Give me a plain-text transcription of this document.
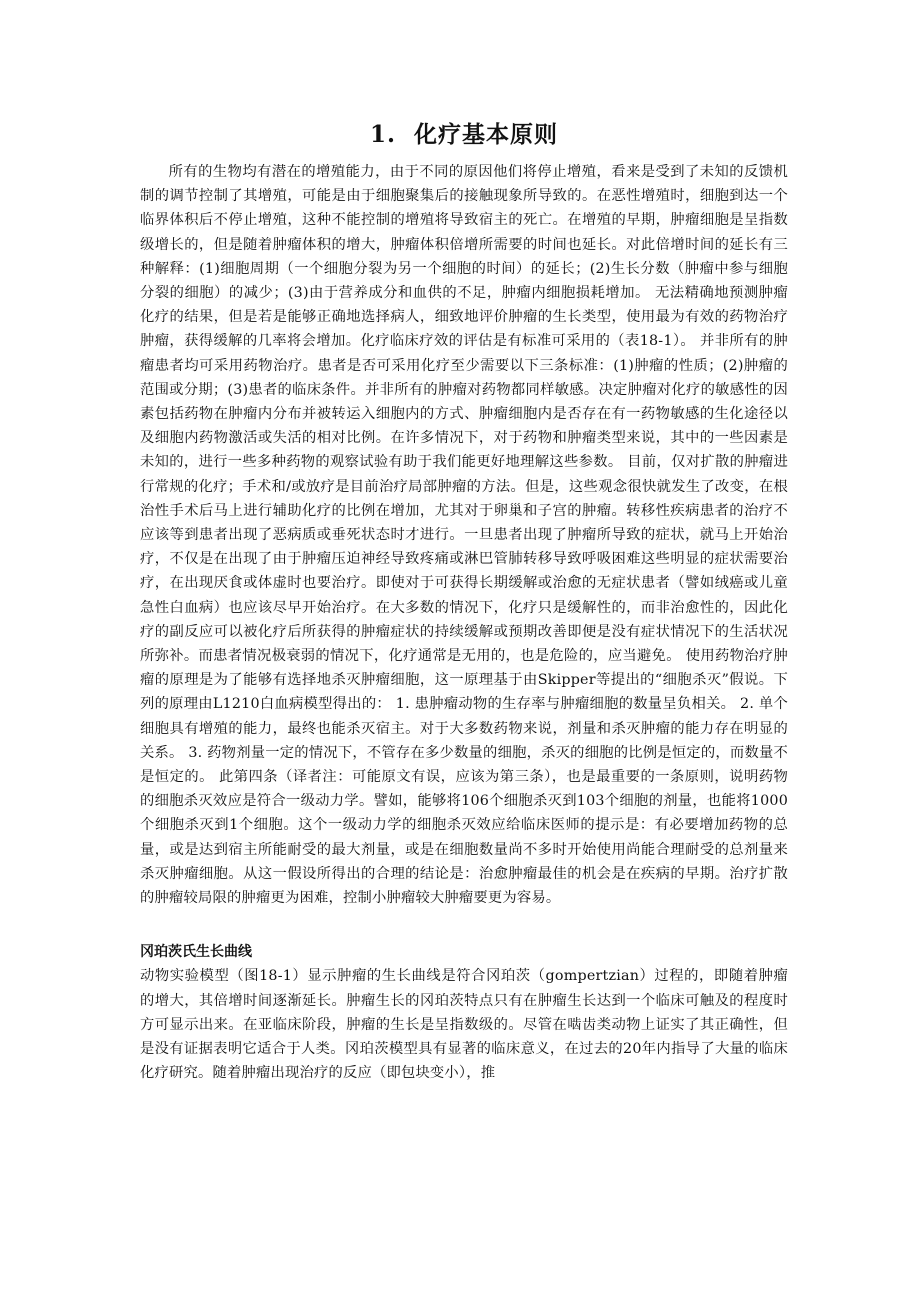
1. 化疗基本原则

所有的生物均有潜在的增殖能力，由于不同的原因他们将停止增殖，看来是受到了未知的反馈机制的调节控制了其增殖，可能是由于细胞聚集后的接触现象所导致的。在恶性增殖时，细胞到达一个临界体积后不停止增殖，这种不能控制的增殖将导致宿主的死亡。在增殖的早期，肿瘤细胞是呈指数级增长的，但是随着肿瘤体积的增大，肿瘤体积倍增所需要的时间也延长。对此倍增时间的延长有三种解释：(1)细胞周期（一个细胞分裂为另一个细胞的时间）的延长；(2)生长分数（肿瘤中参与细胞分裂的细胞）的减少；(3)由于营养成分和血供的不足，肿瘤内细胞损耗增加。 无法精确地预测肿瘤化疗的结果，但是若是能够正确地选择病人，细致地评价肿瘤的生长类型，使用最为有效的药物治疗肿瘤，获得缓解的几率将会增加。化疗临床疗效的评估是有标准可采用的（表18-1）。 并非所有的肿瘤患者均可采用药物治疗。患者是否可采用化疗至少需要以下三条标准：(1)肿瘤的性质；(2)肿瘤的范围或分期；(3)患者的临床条件。并非所有的肿瘤对药物都同样敏感。决定肿瘤对化疗的敏感性的因素包括药物在肿瘤内分布并被转运入细胞内的方式、肿瘤细胞内是否存在有一药物敏感的生化途径以及细胞内药物激活或失活的相对比例。在许多情况下，对于药物和肿瘤类型来说，其中的一些因素是未知的，进行一些多种药物的观察试验有助于我们能更好地理解这些参数。 目前，仅对扩散的肿瘤进行常规的化疗；手术和/或放疗是目前治疗局部肿瘤的方法。但是，这些观念很快就发生了改变，在根治性手术后马上进行辅助化疗的比例在增加，尤其对于卵巢和子宫的肿瘤。转移性疾病患者的治疗不应该等到患者出现了恶病质或垂死状态时才进行。一旦患者出现了肿瘤所导致的症状，就马上开始治疗，不仅是在出现了由于肿瘤压迫神经导致疼痛或淋巴管肺转移导致呼吸困难这些明显的症状需要治疗，在出现厌食或体虚时也要治疗。即使对于可获得长期缓解或治愈的无症状患者（譬如绒癌或儿童急性白血病）也应该尽早开始治疗。在大多数的情况下，化疗只是缓解性的，而非治愈性的，因此化疗的副反应可以被化疗后所获得的肿瘤症状的持续缓解或预期改善即便是没有症状情况下的生活状况所弥补。而患者情况极衰弱的情况下，化疗通常是无用的，也是危险的，应当避免。 使用药物治疗肿瘤的原理是为了能够有选择地杀灭肿瘤细胞，这一原理基于由Skipper等提出的“细胞杀灭”假说。下列的原理由L1210白血病模型得出的： 1. 患肿瘤动物的生存率与肿瘤细胞的数量呈负相关。 2. 单个细胞具有增殖的能力，最终也能杀灭宿主。对于大多数药物来说，剂量和杀灭肿瘤的能力存在明显的关系。 3. 药物剂量一定的情况下，不管存在多少数量的细胞，杀灭的细胞的比例是恒定的，而数量不是恒定的。 此第四条（译者注：可能原文有误，应该为第三条），也是最重要的一条原则，说明药物的细胞杀灭效应是符合一级动力学。譬如，能够将106个细胞杀灭到103个细胞的剂量，也能将1000个细胞杀灭到1个细胞。这个一级动力学的细胞杀灭效应给临床医师的提示是：有必要增加药物的总量，或是达到宿主所能耐受的最大剂量，或是在细胞数量尚不多时开始使用尚能合理耐受的总剂量来杀灭肿瘤细胞。从这一假设所得出的合理的结论是：治愈肿瘤最佳的机会是在疾病的早期。治疗扩散的肿瘤较局限的肿瘤更为困难，控制小肿瘤较大肿瘤要更为容易。

冈珀茨氏生长曲线

动物实验模型（图18-1）显示肿瘤的生长曲线是符合冈珀茨（gompertzian）过程的，即随着肿瘤的增大，其倍增时间逐渐延长。肿瘤生长的冈珀茨特点只有在肿瘤生长达到一个临床可触及的程度时方可显示出来。在亚临床阶段，肿瘤的生长是呈指数级的。尽管在啮齿类动物上证实了其正确性，但是没有证据表明它适合于人类。冈珀茨模型具有显著的临床意义，在过去的20年内指导了大量的临床化疗研究。随着肿瘤出现治疗的反应（即包块变小），推
